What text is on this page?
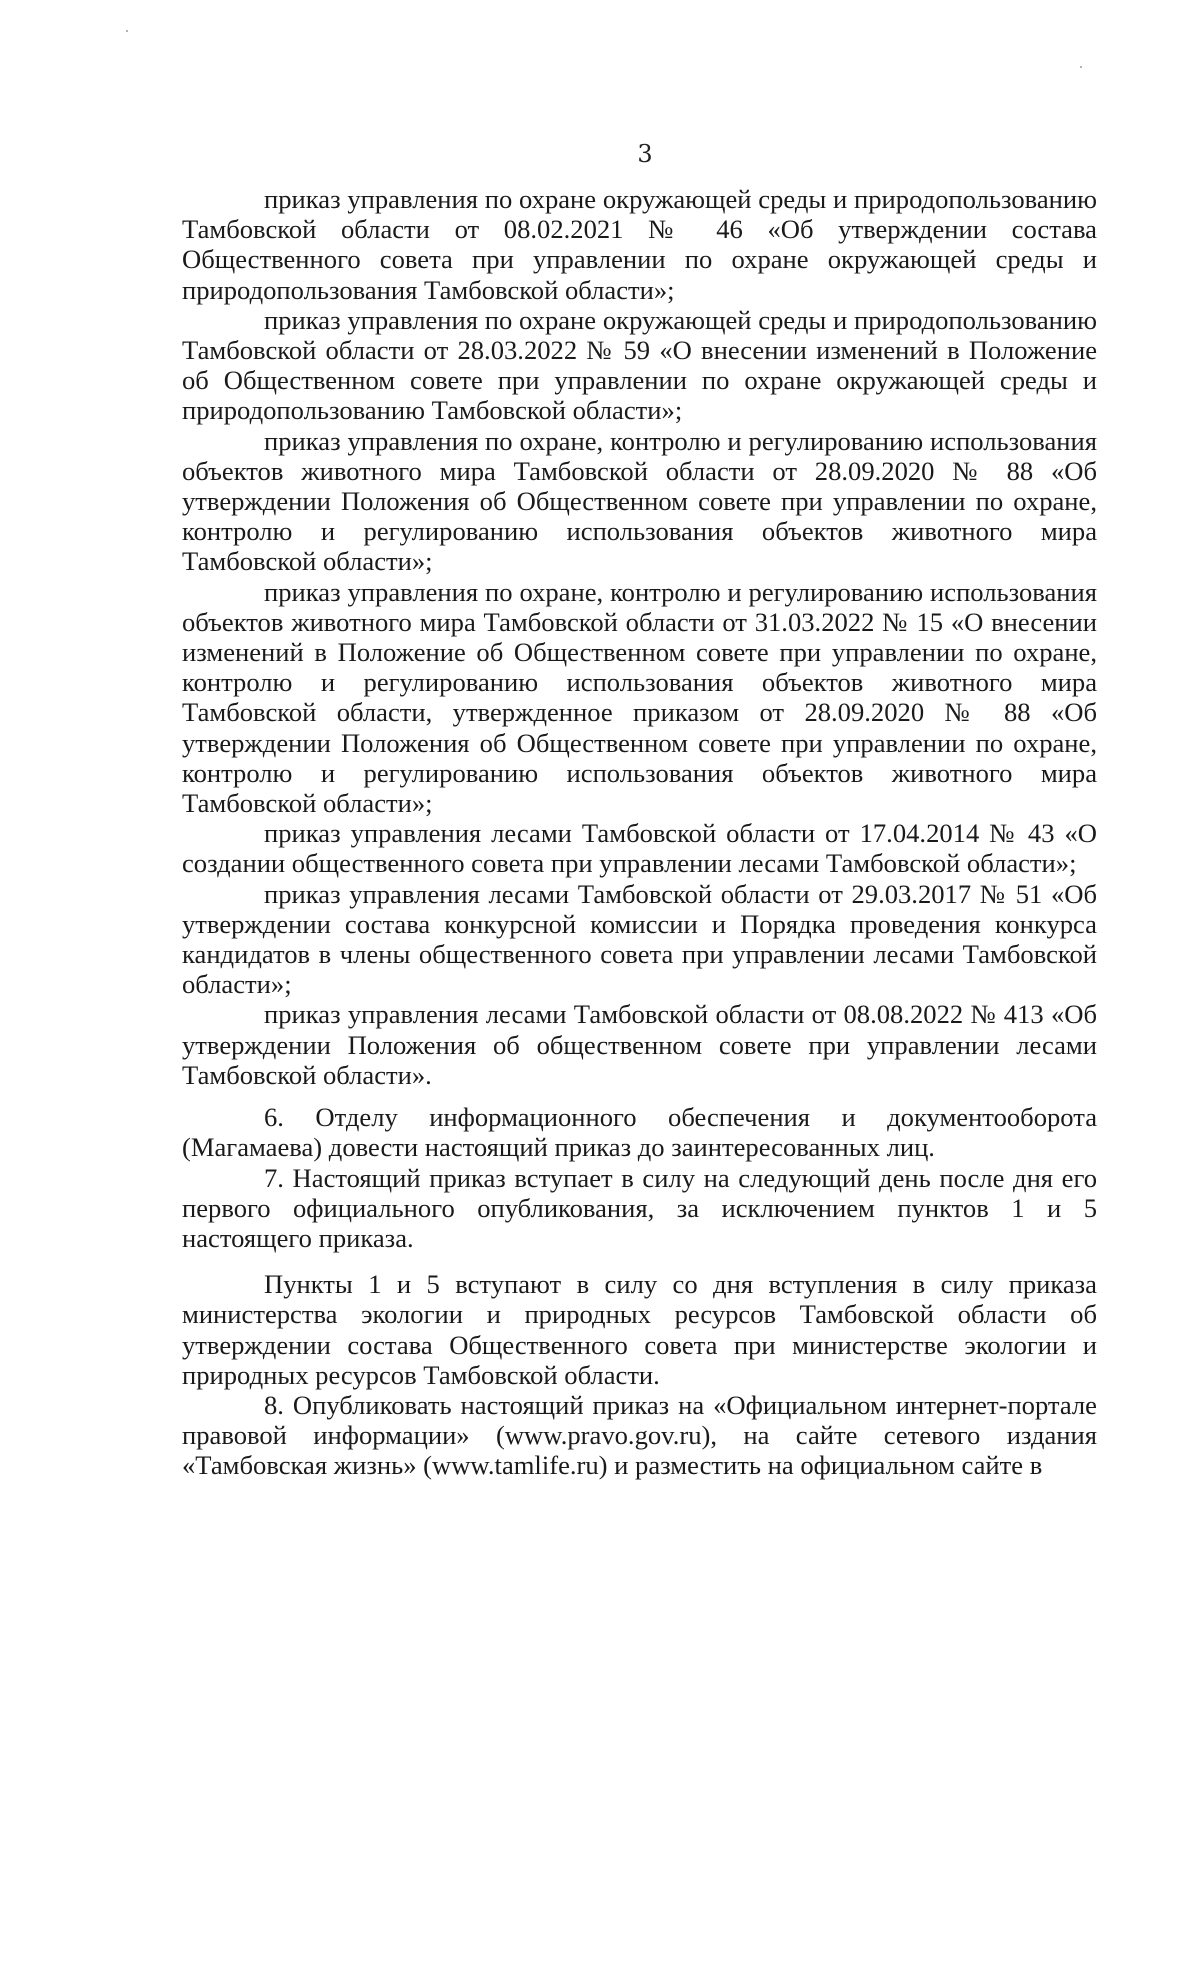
3

приказ управления по охране окружающей среды и природопользованию Тамбовской области от 08.02.2021 № 46 «Об утверждении состава Общественного совета при управлении по охране окружающей среды и природопользования Тамбовской области»;

приказ управления по охране окружающей среды и природопользованию Тамбовской области от 28.03.2022 № 59 «О внесении изменений в Положение об Общественном совете при управлении по охране окружающей среды и природопользованию Тамбовской области»;

приказ управления по охране, контролю и регулированию использования объектов животного мира Тамбовской области от 28.09.2020 № 88 «Об утверждении Положения об Общественном совете при управлении по охране, контролю и регулированию использования объектов животного мира Тамбовской области»;

приказ управления по охране, контролю и регулированию использования объектов животного мира Тамбовской области от 31.03.2022 № 15 «О внесении изменений в Положение об Общественном совете при управлении по охране, контролю и регулированию использования объектов животного мира Тамбовской области, утвержденное приказом от 28.09.2020 № 88 «Об утверждении Положения об Общественном совете при управлении по охране, контролю и регулированию использования объектов животного мира Тамбовской области»;

приказ управления лесами Тамбовской области от 17.04.2014 № 43 «О создании общественного совета при управлении лесами Тамбовской области»;

приказ управления лесами Тамбовской области от 29.03.2017 № 51 «Об утверждении состава конкурсной комиссии и Порядка проведения конкурса кандидатов в члены общественного совета при управлении лесами Тамбовской области»;

приказ управления лесами Тамбовской области от 08.08.2022 № 413 «Об утверждении Положения об общественном совете при управлении лесами Тамбовской области».

6. Отделу информационного обеспечения и документооборота (Магамаева) довести настоящий приказ до заинтересованных лиц.

7. Настоящий приказ вступает в силу на следующий день после дня его первого официального опубликования, за исключением пунктов 1 и 5 настоящего приказа.

Пункты 1 и 5 вступают в силу со дня вступления в силу приказа министерства экологии и природных ресурсов Тамбовской области об утверждении состава Общественного совета при министерстве экологии и природных ресурсов Тамбовской области.

8. Опубликовать настоящий приказ на «Официальном интернет-портале правовой информации» (www.pravo.gov.ru), на сайте сетевого издания «Тамбовская жизнь» (www.tamlife.ru) и разместить на официальном сайте в
